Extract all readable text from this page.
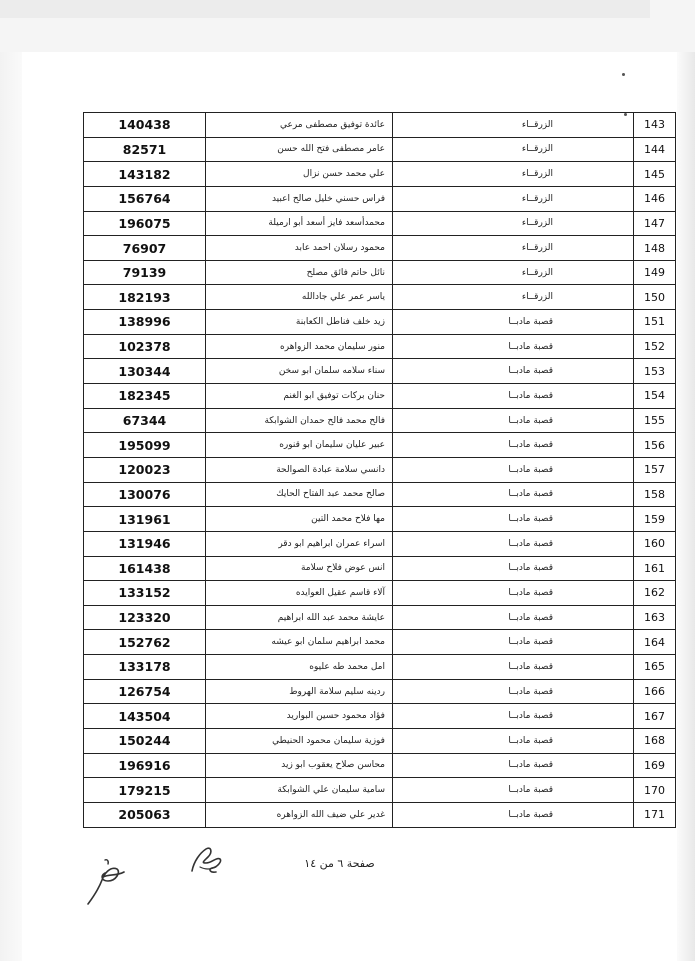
143	الزرقــاء	عائدة توفيق مصطفى مرعي	140438
144	الزرقــاء	عامر مصطفى فتح الله حسن	82571
145	الزرقــاء	علي محمد حسن نزال	143182
146	الزرقــاء	فراس حسني خليل صالح اعبيد	156764
147	الزرقــاء	محمدأسعد فايز أسعد أبو ارميلة	196075
148	الزرقــاء	محمود رسلان احمد عابد	76907
149	الزرقــاء	نائل حاتم فائق مصلح	79139
150	الزرقــاء	ياسر عمر علي جادالله	182193
151	قصبة مادبــا	زيد خلف فناطل الكعابنة	138996
152	قصبة مادبــا	منور سليمان محمد الزواهره	102378
153	قصبة مادبــا	سناء سلامه سلمان ابو سخن	130344
154	قصبة مادبــا	حنان بركات توفيق ابو الغنم	182345
155	قصبة مادبــا	فالح محمد فالح حمدان الشوابكة	67344
156	قصبة مادبــا	عبير عليان سليمان ابو قنوره	195099
157	قصبة مادبــا	دانسي سلامة عبادة الصوالحة	120023
158	قصبة مادبــا	صالح محمد عبد الفتاح الحايك	130076
159	قصبة مادبــا	مها فلاح محمد التين	131961
160	قصبة مادبــا	اسراء عمران ابراهيم ابو دقر	131946
161	قصبة مادبــا	انس عوض فلاح سلامة	161438
162	قصبة مادبــا	آلاء قاسم عقيل العوايده	133152
163	قصبة مادبــا	عايشة محمد عبد الله ابراهيم	123320
164	قصبة مادبــا	محمد ابراهيم سلمان ابو عيشه	152762
165	قصبة مادبــا	امل محمد طه عليوه	133178
166	قصبة مادبــا	ردينه سليم سلامة الهروط	126754
167	قصبة مادبــا	فؤاد محمود حسين البواريد	143504
168	قصبة مادبــا	فوزية سليمان محمود الحنيطي	150244
169	قصبة مادبــا	محاسن صلاح يعقوب ابو زيد	196916
170	قصبة مادبــا	سامية سليمان علي الشوابكة	179215
171	قصبة مادبــا	غدير علي ضيف الله الزواهره	205063
صفحة ٦ من ١٤
